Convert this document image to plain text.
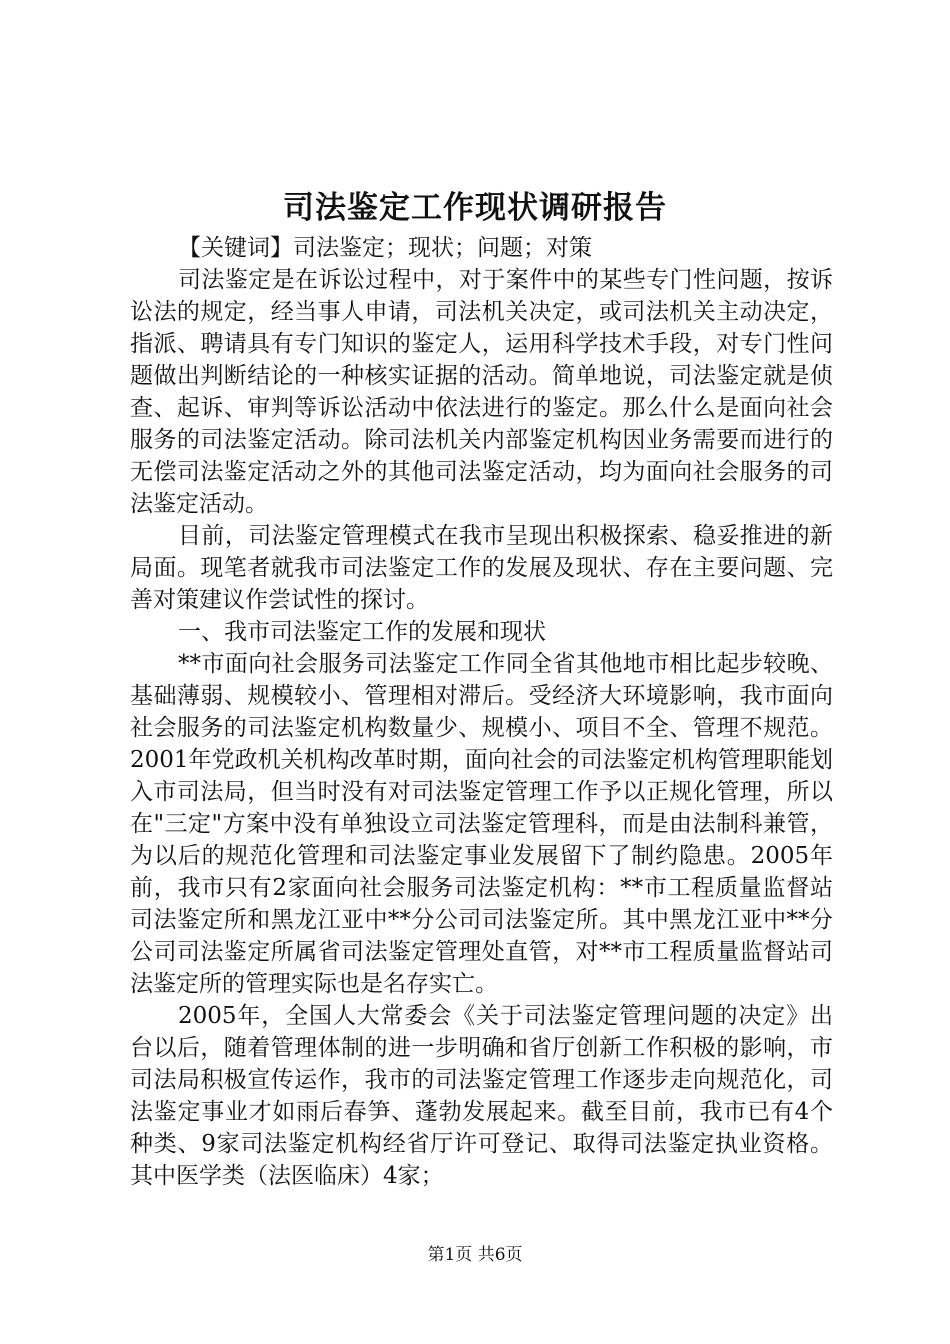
司法鉴定工作现状调研报告

【关键词】司法鉴定；现状；问题；对策

司法鉴定是在诉讼过程中，对于案件中的某些专门性问题，按诉讼法的规定，经当事人申请，司法机关决定，或司法机关主动决定，指派、聘请具有专门知识的鉴定人，运用科学技术手段，对专门性问题做出判断结论的一种核实证据的活动。简单地说，司法鉴定就是侦查、起诉、审判等诉讼活动中依法进行的鉴定。那么什么是面向社会服务的司法鉴定活动。除司法机关内部鉴定机构因业务需要而进行的无偿司法鉴定活动之外的其他司法鉴定活动，均为面向社会服务的司法鉴定活动。

目前，司法鉴定管理模式在我市呈现出积极探索、稳妥推进的新局面。现笔者就我市司法鉴定工作的发展及现状、存在主要问题、完善对策建议作尝试性的探讨。

一、我市司法鉴定工作的发展和现状

**市面向社会服务司法鉴定工作同全省其他地市相比起步较晚、基础薄弱、规模较小、管理相对滞后。受经济大环境影响，我市面向社会服务的司法鉴定机构数量少、规模小、项目不全、管理不规范。2001年党政机关机构改革时期，面向社会的司法鉴定机构管理职能划入市司法局，但当时没有对司法鉴定管理工作予以正规化管理，所以在"三定"方案中没有单独设立司法鉴定管理科，而是由法制科兼管，为以后的规范化管理和司法鉴定事业发展留下了制约隐患。2005年前，我市只有2家面向社会服务司法鉴定机构：**市工程质量监督站司法鉴定所和黑龙江亚中**分公司司法鉴定所。其中黑龙江亚中**分公司司法鉴定所属省司法鉴定管理处直管，对**市工程质量监督站司法鉴定所的管理实际也是名存实亡。

2005年，全国人大常委会《关于司法鉴定管理问题的决定》出台以后，随着管理体制的进一步明确和省厅创新工作积极的影响，市司法局积极宣传运作，我市的司法鉴定管理工作逐步走向规范化，司法鉴定事业才如雨后春笋、蓬勃发展起来。截至目前，我市已有4个种类、9家司法鉴定机构经省厅许可登记、取得司法鉴定执业资格。其中医学类（法医临床）4家；

第1页 共6页
